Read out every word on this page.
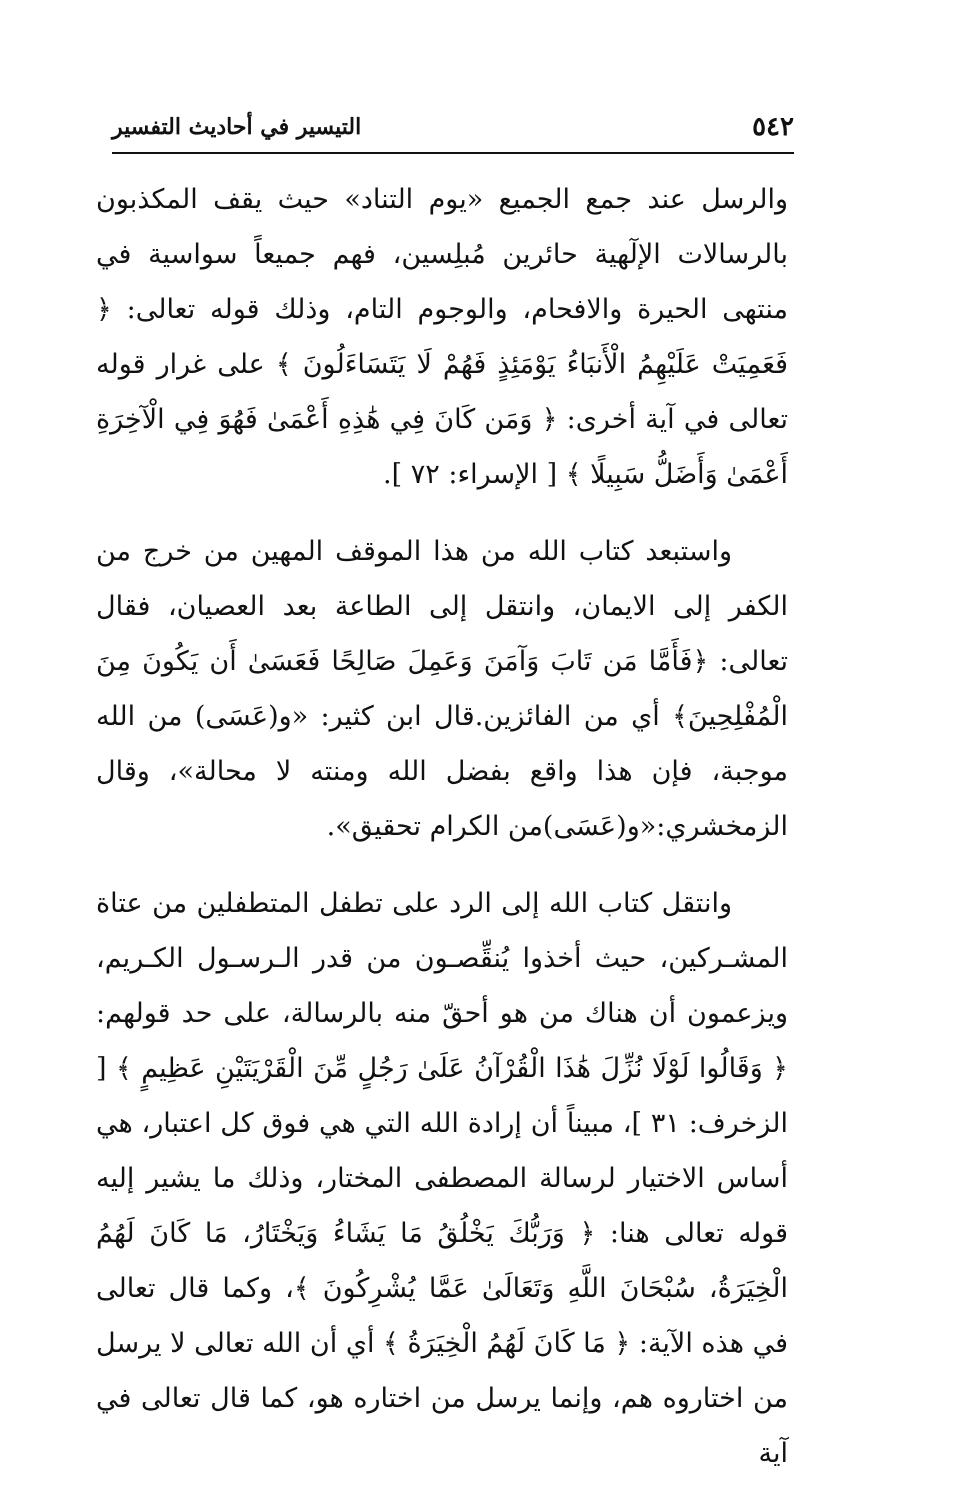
٥٤٢
التيسير في أحاديث التفسير

والرسل عند جمع الجميع «يوم التناد» حيث يقف المكذبون بالرسالات الإلٓهية حائرين مُبلِسين، فهم جميعاً سواسية في منتهى الحيرة والافحام، والوجوم التام، وذلك قوله تعالى: ﴿ فَعَمِيَتْ عَلَيْهِمُ الْأَنبَاءُ يَوْمَئِذٍ فَهُمْ لَا يَتَسَاءَلُونَ ﴾ على غرار قوله تعالى في آية أخرى: ﴿ وَمَن كَانَ فِي هَٰذِهِ أَعْمَىٰ فَهُوَ فِي الْآخِرَةِ أَعْمَىٰ وَأَضَلُّ سَبِيلًا ﴾ [ الإسراء: ٧٢ ].

واستبعد كتاب الله من هذا الموقف المهين من خرج من الكفر إلى الايمان، وانتقل إلى الطاعة بعد العصيان، فقال تعالى: ﴿فَأَمَّا مَن تَابَ وَآمَنَ وَعَمِلَ صَالِحًا فَعَسَىٰ أَن يَكُونَ مِنَ الْمُفْلِحِينَ﴾ أي من الفائزين.قال ابن كثير: «و(عَسَى) من الله موجبة، فإن هذا واقع بفضل الله ومنته لا محالة»، وقال الزمخشري:«و(عَسَى)من الكرام تحقيق».

وانتقل كتاب الله إلى الرد على تطفل المتطفلين من عتاة المشـركين، حيث أخذوا يُنقِّصـون من قدر الـرسـول الكـريم، ويزعمون أن هناك من هو أحقّ منه بالرسالة، على حد قولهم: ﴿ وَقَالُوا لَوْلَا نُزِّلَ هَٰذَا الْقُرْآنُ عَلَىٰ رَجُلٍ مِّنَ الْقَرْيَتَيْنِ عَظِيمٍ ﴾ [ الزخرف: ٣١ ]، مبيناً أن إرادة الله التي هي فوق كل اعتبار، هي أساس الاختيار لرسالة المصطفى المختار، وذلك ما يشير إليه قوله تعالى هنا: ﴿ وَرَبُّكَ يَخْلُقُ مَا يَشَاءُ وَيَخْتَارُ، مَا كَانَ لَهُمُ الْخِيَرَةُ، سُبْحَانَ اللَّهِ وَتَعَالَىٰ عَمَّا يُشْرِكُونَ ﴾، وكما قال تعالى في هذه الآية: ﴿ مَا كَانَ لَهُمُ الْخِيَرَةُ ﴾ أي أن الله تعالى لا يرسل من اختاروه هم، وإنما يرسل من اختاره هو، كما قال تعالى في آية
